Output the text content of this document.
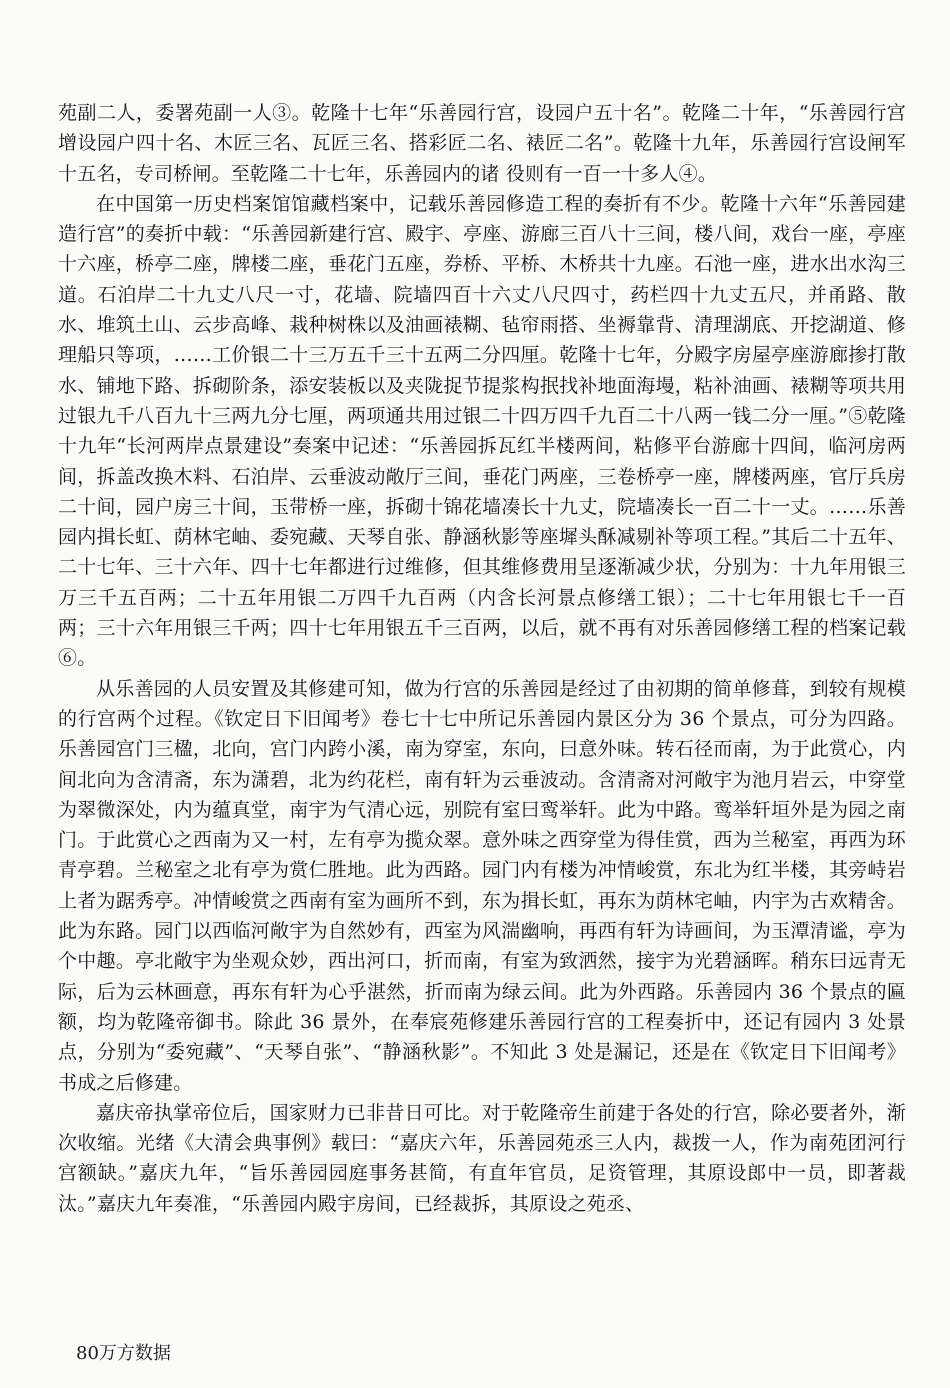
苑副二人，委署苑副一人③。乾隆十七年“乐善园行宫，设园户五十名”。乾隆二十年，“乐善园行宫增设园户四十名、木匠三名、瓦匠三名、搭彩匠二名、裱匠二名”。乾隆十九年，乐善园行宫设闸军十五名，专司桥闸。至乾隆二十七年，乐善园内的诸 役则有一百一十多人④。

在中国第一历史档案馆馆藏档案中，记载乐善园修造工程的奏折有不少。乾隆十六年“乐善园建造行宫”的奏折中载：“乐善园新建行宫、殿宇、亭座、游廊三百八十三间，楼八间，戏台一座，亭座十六座，桥亭二座，牌楼二座，垂花门五座，券桥、平桥、木桥共十九座。石池一座，进水出水沟三道。石泊岸二十九丈八尺一寸，花墙、院墙四百十六丈八尺四寸，药栏四十九丈五尺，并甬路、散水、堆筑土山、云步高峰、栽种树株以及油画裱糊、毡帘雨搭、坐褥靠背、清理湖底、开挖湖道、修理船只等项，……工价银二十三万五千三十五两二分四厘。乾隆十七年，分殿字房屋亭座游廊掺打散水、铺地下路、拆砌阶条，添安装板以及夹陇捉节提浆构抿找补地面海墁，粘补油画、裱糊等项共用过银九千八百九十三两九分七厘，两项通共用过银二十四万四千九百二十八两一钱二分一厘。”⑤乾隆十九年“长河两岸点景建设”奏案中记述：“乐善园拆瓦红半楼两间，粘修平台游廊十四间，临河房两间，拆盖改换木料、石泊岸、云垂波动敞厅三间，垂花门两座，三卷桥亭一座，牌楼两座，官厅兵房二十间，园户房三十间，玉带桥一座，拆砌十锦花墙凑长十九丈，院墙凑长一百二十一丈。……乐善园内揖长虹、荫林宅岫、委宛藏、天琴自张、静涵秋影等座墀头酥减剔补等项工程。”其后二十五年、二十七年、三十六年、四十七年都进行过维修，但其维修费用呈逐渐减少状，分别为：十九年用银三万三千五百两；二十五年用银二万四千九百两（内含长河景点修缮工银）；二十七年用银七千一百两；三十六年用银三千两；四十七年用银五千三百两，以后，就不再有对乐善园修缮工程的档案记载⑥。

从乐善园的人员安置及其修建可知，做为行宫的乐善园是经过了由初期的简单修葺，到较有规模的行宫两个过程。《钦定日下旧闻考》卷七十七中所记乐善园内景区分为 36 个景点，可分为四路。乐善园宫门三楹，北向，宫门内跨小溪，南为穿室，东向，曰意外味。转石径而南，为于此赏心，内间北向为含清斋，东为潇碧，北为约花栏，南有轩为云垂波动。含清斋对河敞宇为池月岩云，中穿堂为翠微深处，内为蕴真堂，南宇为气清心远，别院有室曰鸾举轩。此为中路。鸾举轩垣外是为园之南门。于此赏心之西南为又一村，左有亭为揽众翠。意外味之西穿堂为得佳赏，西为兰秘室，再西为环青亭碧。兰秘室之北有亭为赏仁胜地。此为西路。园门内有楼为冲情峻赏，东北为红半楼，其旁峙岩上者为踞秀亭。冲情峻赏之西南有室为画所不到，东为揖长虹，再东为荫林宅岫，内宇为古欢精舍。此为东路。园门以西临河敞宇为自然妙有，西室为风湍幽响，再西有轩为诗画间，为玉潭清谧，亭为个中趣。亭北敞宇为坐观众妙，西出河口，折而南，有室为致洒然，接宇为光碧涵晖。稍东曰远青无际，后为云林画意，再东有轩为心乎湛然，折而南为绿云间。此为外西路。乐善园内 36 个景点的匾额，均为乾隆帝御书。除此 36 景外，在奉宸苑修建乐善园行宫的工程奏折中，还记有园内 3 处景点，分别为“委宛藏”、“天琴自张”、“静涵秋影”。不知此 3 处是漏记，还是在《钦定日下旧闻考》书成之后修建。

嘉庆帝执掌帝位后，国家财力已非昔日可比。对于乾隆帝生前建于各处的行宫，除必要者外，渐次收缩。光绪《大清会典事例》载曰：“嘉庆六年，乐善园苑丞三人内，裁拨一人，作为南苑团河行宫额缺。”嘉庆九年，“旨乐善园园庭事务甚简，有直年官员，足资管理，其原设郎中一员，即著裁汰。”嘉庆九年奏准，“乐善园内殿宇房间，已经裁拆，其原设之苑丞、

80万方数据
